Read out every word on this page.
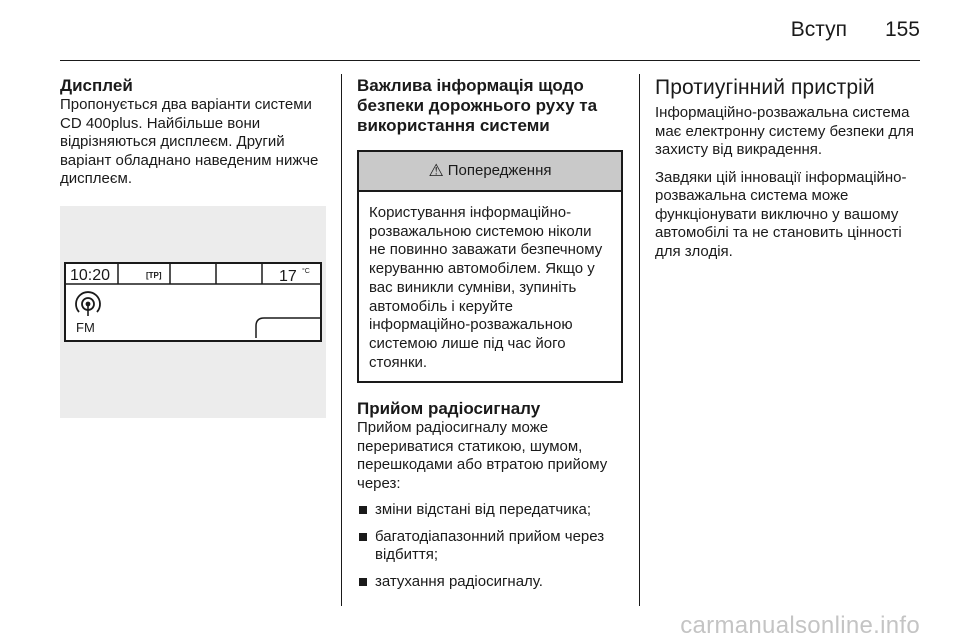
Вступ 155
Дисплей

Пропонується два варіанти системи CD 400plus. Найбільше вони відрізняються дисплеєм. Другий варіант обладнано наведеним нижче дисплеєм.

10:20	[TP]	17 °C
FM
Важлива інформація щодо безпеки дорожнього руху та використання системи
⚠ Попередження
Користування інформаційно-розважальною системою ніколи не повинно заважати безпечному керуванню автомобілем. Якщо у вас виникли сумніви, зупиніть автомобіль і керуйте інформаційно-розважальною системою лише під час його стоянки.
Прийом радіосигналу

Прийом радіосигналу може перериватися статикою, шумом, перешкодами або втратою прийому через:

зміни відстані від передатчика;
багатодіапазонний прийом через відбиття;
затухання радіосигналу.
Протиугінний пристрій

Інформаційно-розважальна система має електронну систему безпеки для захисту від викрадення.

Завдяки цій інновації інформаційно-розважальна система може функціонувати виключно у вашому автомобілі та не становить цінності для злодія.

carmanualsonline.info
